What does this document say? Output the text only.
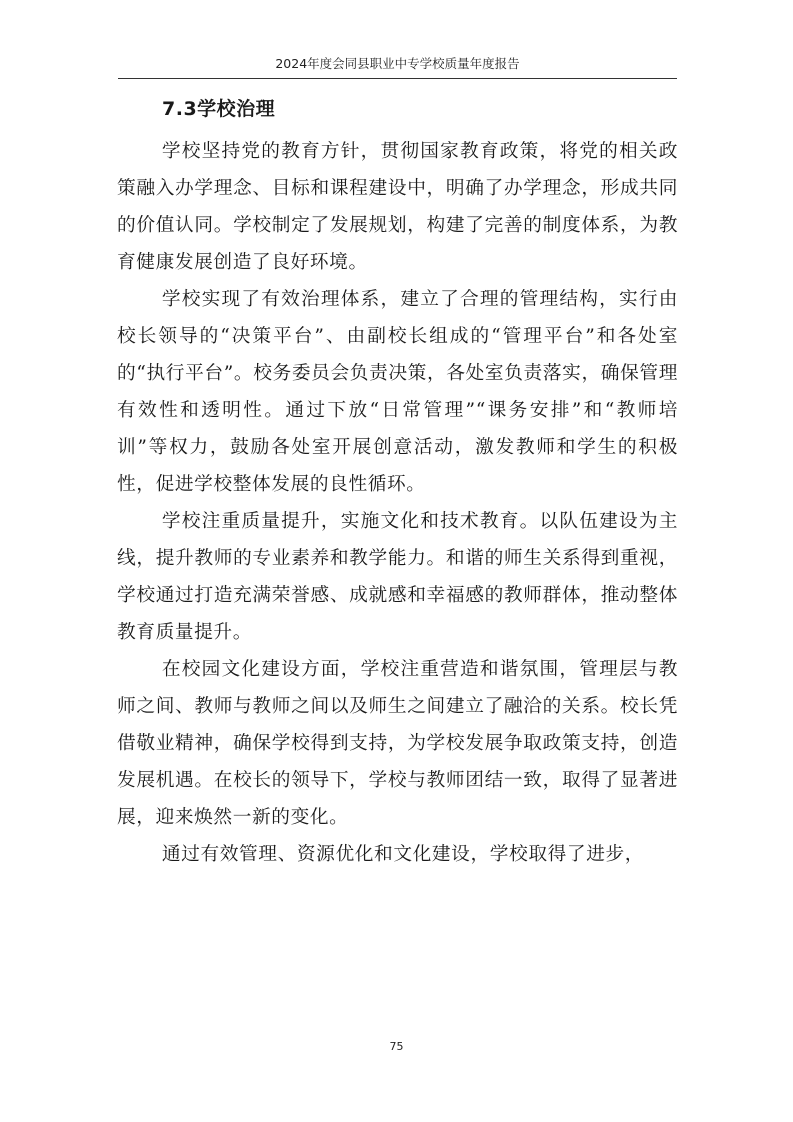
2024年度会同县职业中专学校质量年度报告
7.3学校治理

学校坚持党的教育方针，贯彻国家教育政策，将党的相关政策融入办学理念、目标和课程建设中，明确了办学理念，形成共同的价值认同。学校制定了发展规划，构建了完善的制度体系，为教育健康发展创造了良好环境。

学校实现了有效治理体系，建立了合理的管理结构，实行由校长领导的“决策平台”、由副校长组成的“管理平台”和各处室的“执行平台”。校务委员会负责决策，各处室负责落实，确保管理有效性和透明性。通过下放“日常管理”“课务安排”和“教师培训”等权力，鼓励各处室开展创意活动，激发教师和学生的积极性，促进学校整体发展的良性循环。

学校注重质量提升，实施文化和技术教育。以队伍建设为主线，提升教师的专业素养和教学能力。和谐的师生关系得到重视，学校通过打造充满荣誉感、成就感和幸福感的教师群体，推动整体教育质量提升。

在校园文化建设方面，学校注重营造和谐氛围，管理层与教师之间、教师与教师之间以及师生之间建立了融洽的关系。校长凭借敬业精神，确保学校得到支持，为学校发展争取政策支持，创造发展机遇。在校长的领导下，学校与教师团结一致，取得了显著进展，迎来焕然一新的变化。

通过有效管理、资源优化和文化建设，学校取得了进步，

75
